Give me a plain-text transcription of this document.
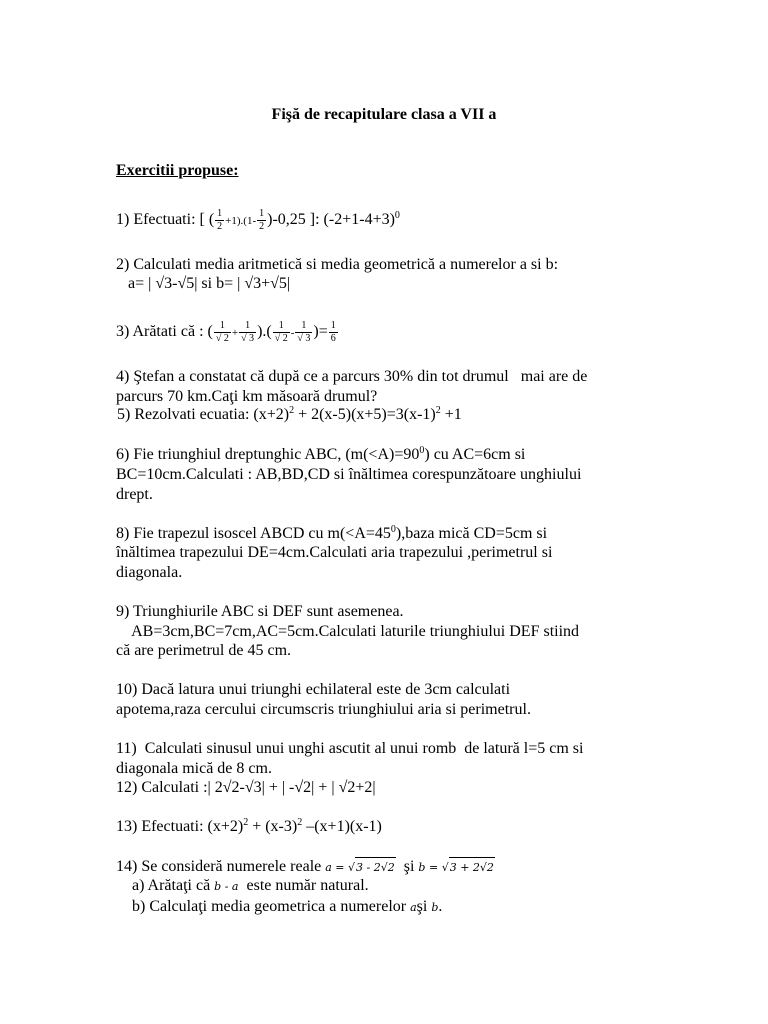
Fişă de recapitulare clasa a VII a
Exercitii propuse:
1) Efectuati: [ ( $\frac{1}{2} +1).(1- \frac{1}{2} )-0,25$ ]: $(-2+1-4+3)^0$
2) Calculati media aritmetică si media geometrică a numerelor a si b:
a= | √3-√5| si b= | √3+√5|
3) Arătati că : ( $\frac{1}{√ 2} + \frac{1}{√ 3}$ ).( $\frac{1}{√ 2} - \frac{1}{√ 3}$ )= $\frac{1}{6}$
4) Ştefan a constatat că după ce a parcurs 30% din tot drumul   mai are de
parcurs 70 km.Caţi km măsoară drumul?
5) Rezolvati ecuatia: $(x+2)^2 + 2(x-5)(x+5)=3(x-1)^2 +1$
6) Fie triunghiul dreptunghic ABC, $(m(<A)=90^0)$ cu AC=6cm si
BC=10cm.Calculati : AB,BD,CD si înăltimea corespunzătoare unghiului
drept.
8) Fie trapezul isoscel ABCD cu $m(<A=45^0),baza$ mică CD=5cm si
înăltimea trapezului DE=4cm.Calculati aria trapezului ,perimetrul si
diagonala.
9) Triunghiurile ABC si DEF sunt asemenea.
AB=3cm,BC=7cm,AC=5cm.Calculati laturile triunghiului DEF stiind
că are perimetrul de 45 cm.
10) Dacă latura unui triunghi echilateral este de 3cm calculati
apotema,raza cercului circumscris triunghiului aria si perimetrul.
11)  Calculati sinusul unui unghi ascutit al unui romb  de latură l=5 cm si
diagonala mică de 8 cm.
12) Calculati :| 2√2-√3| + | -√2| + | √2+2|
13) Efectuati: $(x+2)^2 + (x-3)^2$ –(x+1)(x-1)
14) Se consideră numerele reale a = √3 - 2√2  şi b = √3 + 2√2
a) Arătaţi că b - a  este număr natural.
b) Calculaţi media geometrica a numerelor aşi b.
